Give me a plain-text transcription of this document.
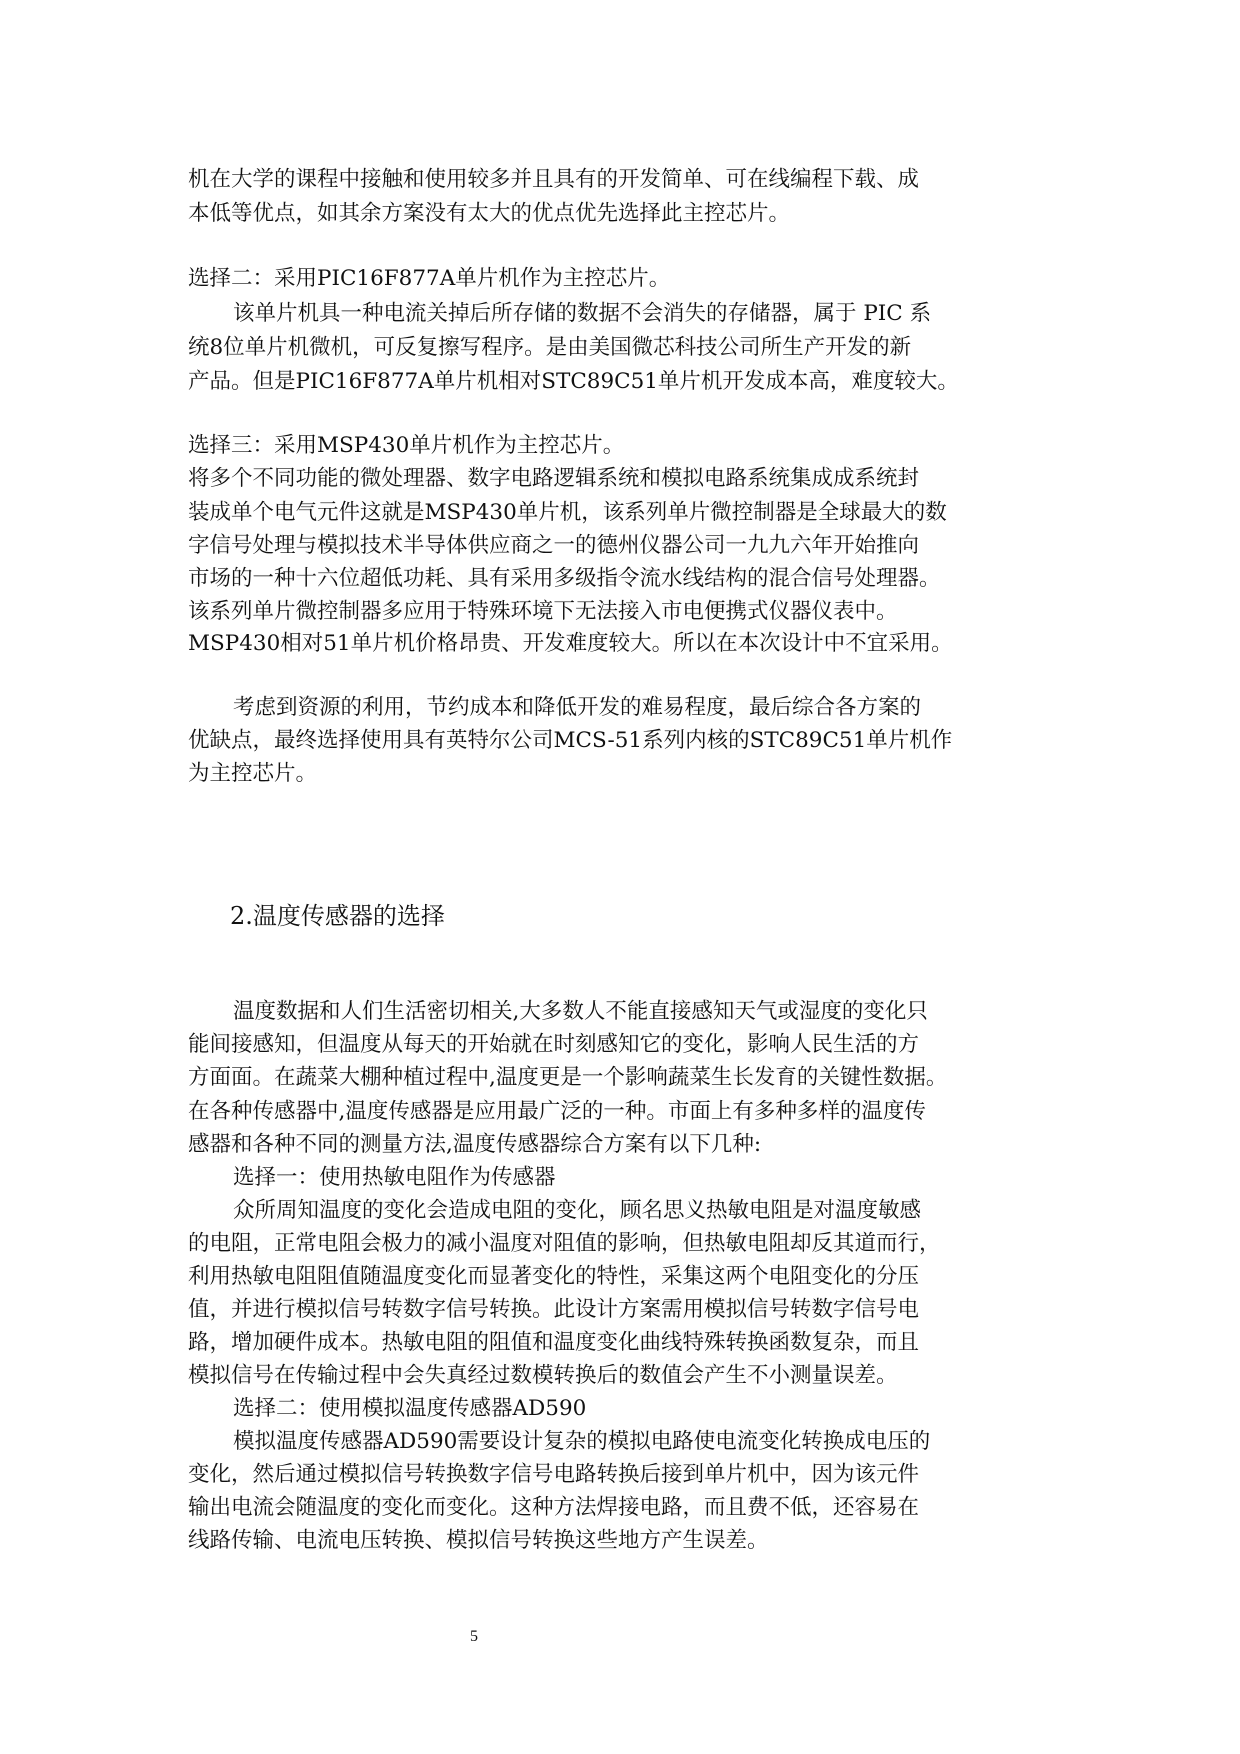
机在大学的课程中接触和使用较多并且具有的开发简单、可在线编程下载、成
本低等优点，如其余方案没有太大的优点优先选择此主控芯片。
选择二：采用PIC16F877A单片机作为主控芯片。
该单片机具一种电流关掉后所存储的数据不会消失的存储器，属于 PIC 系
统8位单片机微机，可反复擦写程序。是由美国微芯科技公司所生产开发的新
产品。但是PIC16F877A单片机相对STC89C51单片机开发成本高，难度较大。
选择三：采用MSP430单片机作为主控芯片。
将多个不同功能的微处理器、数字电路逻辑系统和模拟电路系统集成成系统封
装成单个电气元件这就是MSP430单片机，该系列单片微控制器是全球最大的数
字信号处理与模拟技术半导体供应商之一的德州仪器公司一九九六年开始推向
市场的一种十六位超低功耗、具有采用多级指令流水线结构的混合信号处理器。
该系列单片微控制器多应用于特殊环境下无法接入市电便携式仪器仪表中。
MSP430相对51单片机价格昂贵、开发难度较大。所以在本次设计中不宜采用。
考虑到资源的利用，节约成本和降低开发的难易程度，最后综合各方案的
优缺点，最终选择使用具有英特尔公司MCS-51系列内核的STC89C51单片机作
为主控芯片。
2.温度传感器的选择
温度数据和人们生活密切相关,大多数人不能直接感知天气或湿度的变化只
能间接感知，但温度从每天的开始就在时刻感知它的变化，影响人民生活的方
方面面。在蔬菜大棚种植过程中,温度更是一个影响蔬菜生长发育的关键性数据。
在各种传感器中,温度传感器是应用最广泛的一种。市面上有多种多样的温度传
感器和各种不同的测量方法,温度传感器综合方案有以下几种:
选择一：使用热敏电阻作为传感器
众所周知温度的变化会造成电阻的变化，顾名思义热敏电阻是对温度敏感
的电阻，正常电阻会极力的减小温度对阻值的影响，但热敏电阻却反其道而行，
利用热敏电阻阻值随温度变化而显著变化的特性，采集这两个电阻变化的分压
值，并进行模拟信号转数字信号转换。此设计方案需用模拟信号转数字信号电
路，增加硬件成本。热敏电阻的阻值和温度变化曲线特殊转换函数复杂，而且
模拟信号在传输过程中会失真经过数模转换后的数值会产生不小测量误差。
选择二：使用模拟温度传感器AD590
模拟温度传感器AD590需要设计复杂的模拟电路使电流变化转换成电压的
变化，然后通过模拟信号转换数字信号电路转换后接到单片机中，因为该元件
输出电流会随温度的变化而变化。这种方法焊接电路，而且费不低，还容易在
线路传输、电流电压转换、模拟信号转换这些地方产生误差。
5
